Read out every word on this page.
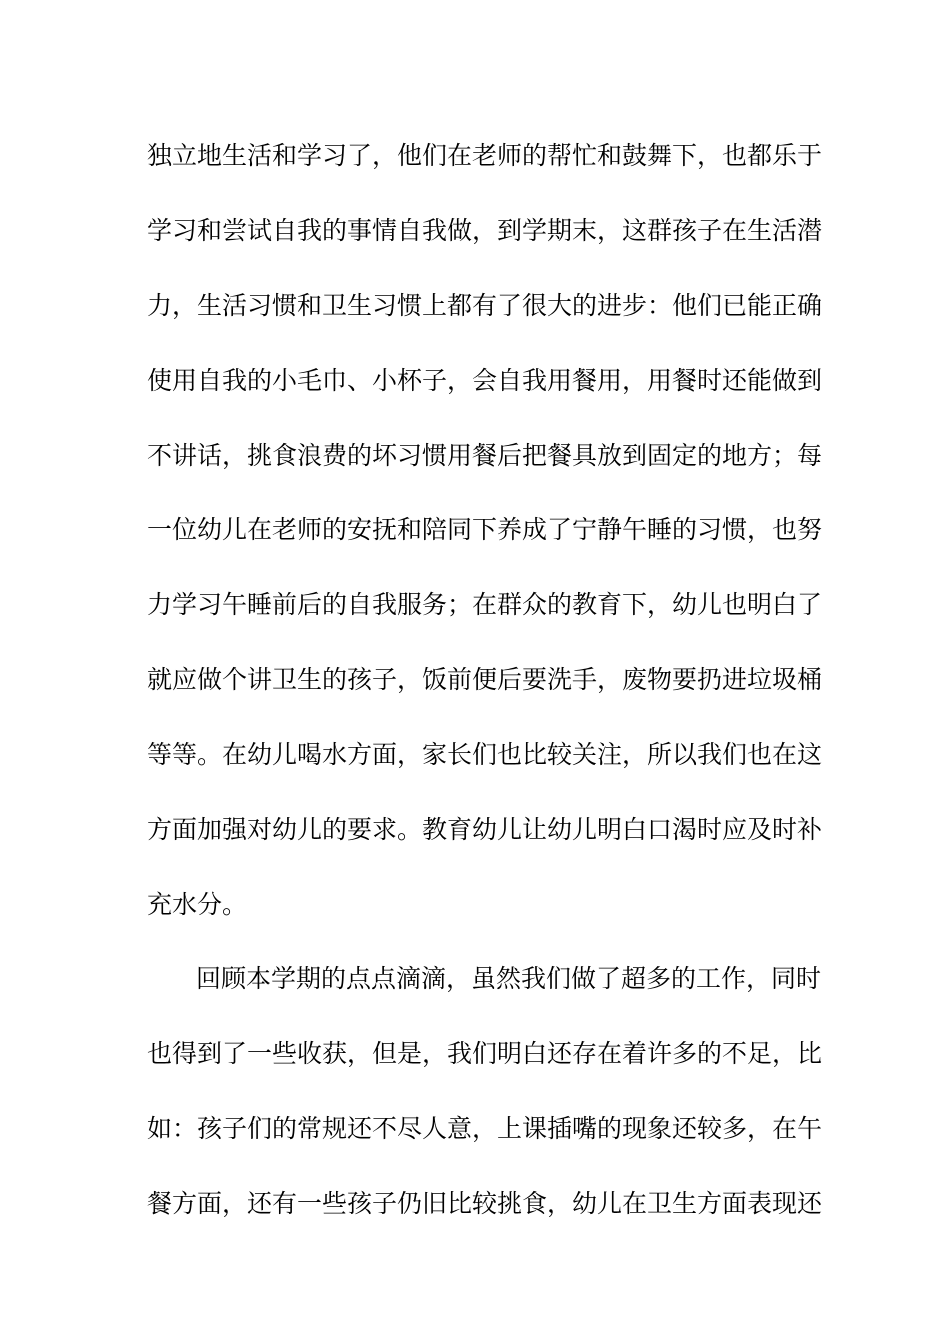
独立地生活和学习了，他们在老师的帮忙和鼓舞下，也都乐于
学习和尝试自我的事情自我做，到学期末，这群孩子在生活潜
力，生活习惯和卫生习惯上都有了很大的进步：他们已能正确
使用自我的小毛巾、小杯子，会自我用餐用，用餐时还能做到
不讲话，挑食浪费的坏习惯用餐后把餐具放到固定的地方；每
一位幼儿在老师的安抚和陪同下养成了宁静午睡的习惯，也努
力学习午睡前后的自我服务；在群众的教育下，幼儿也明白了
就应做个讲卫生的孩子，饭前便后要洗手，废物要扔进垃圾桶
等等。在幼儿喝水方面，家长们也比较关注，所以我们也在这
方面加强对幼儿的要求。教育幼儿让幼儿明白口渴时应及时补
充水分。
回顾本学期的点点滴滴，虽然我们做了超多的工作，同时
也得到了一些收获，但是，我们明白还存在着许多的不足，比
如：孩子们的常规还不尽人意，上课插嘴的现象还较多，在午
餐方面，还有一些孩子仍旧比较挑食，幼儿在卫生方面表现还
